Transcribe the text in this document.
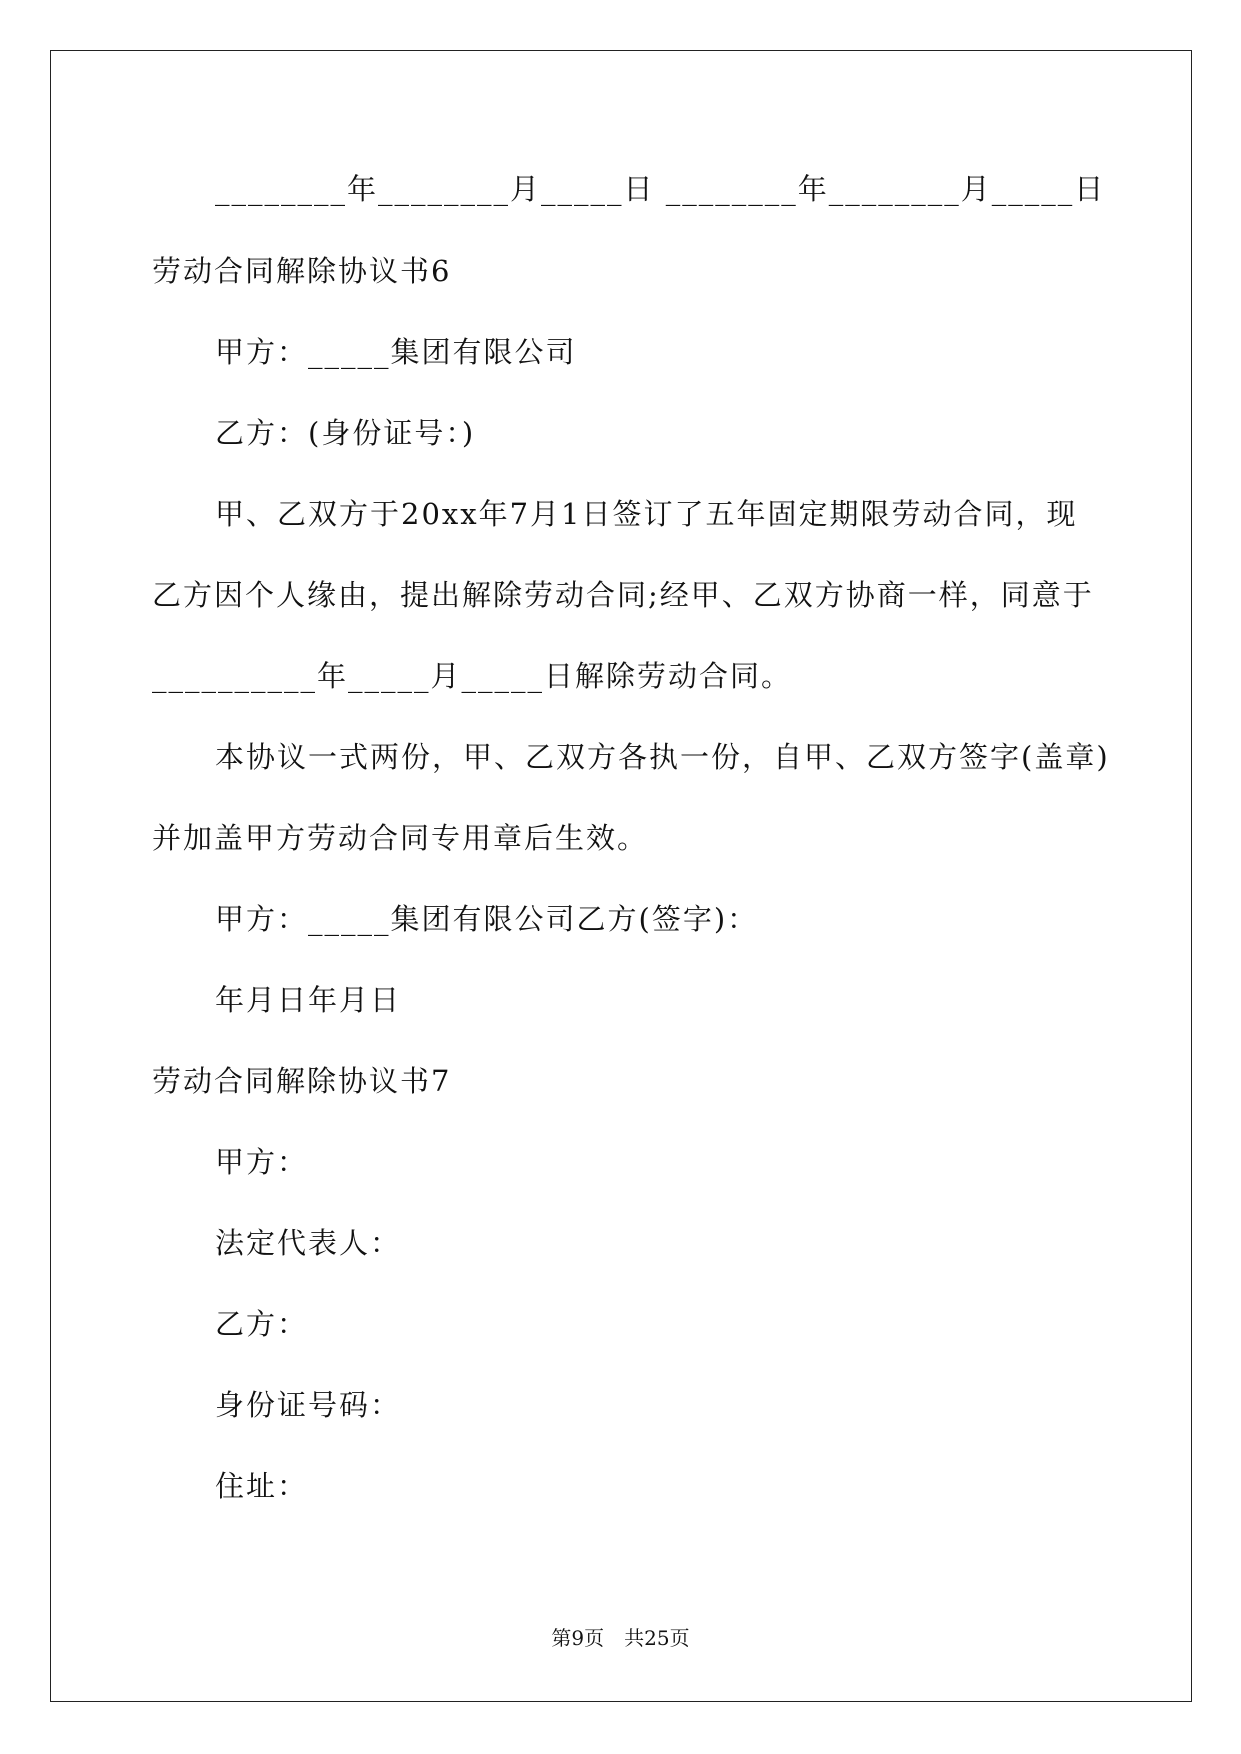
________年________月_____日 ________年________月_____日
劳动合同解除协议书6
甲方：_____集团有限公司
乙方：(身份证号：)
甲、乙双方于20xx年7月1日签订了五年固定期限劳动合同，现
乙方因个人缘由，提出解除劳动合同;经甲、乙双方协商一样，同意于
__________年_____月_____日解除劳动合同。
本协议一式两份，甲、乙双方各执一份，自甲、乙双方签字(盖章)
并加盖甲方劳动合同专用章后生效。
甲方：_____集团有限公司乙方(签字)：
年月日年月日
劳动合同解除协议书7
甲方：
法定代表人：
乙方：
身份证号码：
住址：
第9页　共25页
